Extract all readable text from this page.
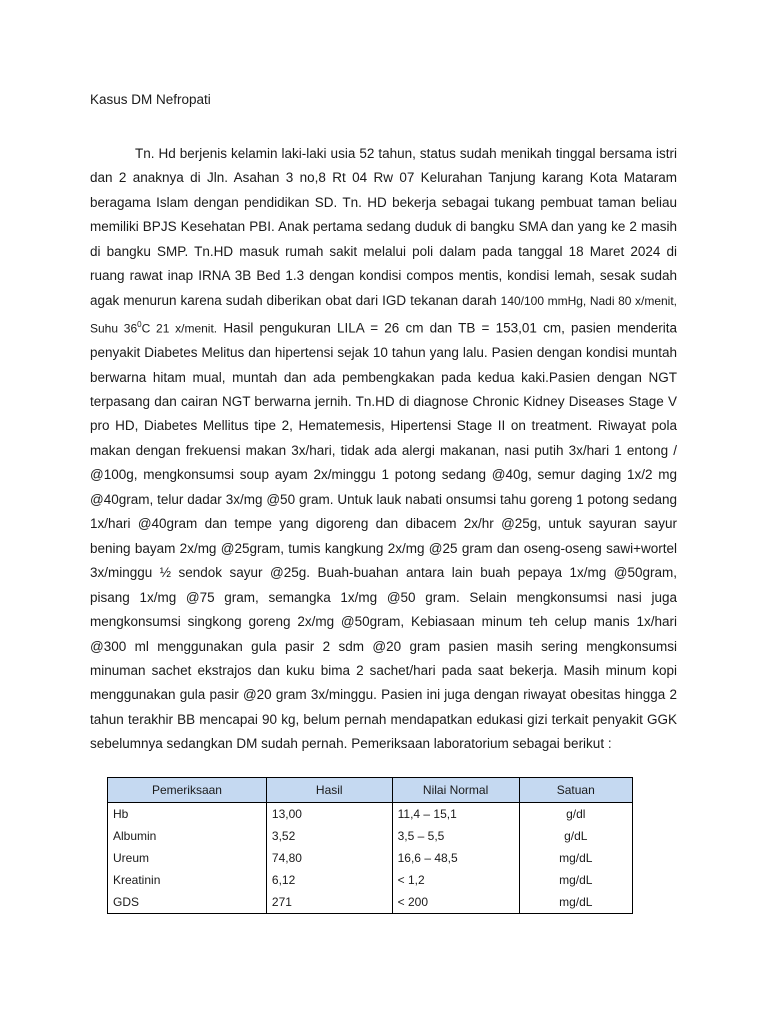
Kasus DM Nefropati

Tn. Hd berjenis kelamin laki-laki usia 52 tahun, status sudah menikah tinggal bersama istri dan 2 anaknya di Jln. Asahan 3 no,8 Rt 04 Rw 07 Kelurahan Tanjung karang Kota Mataram beragama Islam dengan pendidikan SD. Tn. HD bekerja sebagai tukang pembuat taman beliau memiliki BPJS Kesehatan PBI. Anak pertama sedang duduk di bangku SMA dan yang ke 2 masih di bangku SMP. Tn.HD masuk rumah sakit melalui poli dalam pada tanggal 18 Maret 2024 di ruang rawat inap IRNA 3B Bed 1.3 dengan kondisi compos mentis, kondisi lemah, sesak sudah agak menurun karena sudah diberikan obat dari IGD tekanan darah 140/100 mmHg, Nadi 80 x/menit, Suhu $36^0C$ 21 x/menit. Hasil pengukuran LILA = 26 cm dan TB = 153,01 cm, pasien menderita penyakit Diabetes Melitus dan hipertensi sejak 10 tahun yang lalu. Pasien dengan kondisi muntah berwarna hitam mual, muntah dan ada pembengkakan pada kedua kaki.Pasien dengan NGT terpasang dan cairan NGT berwarna jernih. Tn.HD di diagnose Chronic Kidney Diseases Stage V pro HD, Diabetes Mellitus tipe 2, Hematemesis, Hipertensi Stage II on treatment. Riwayat pola makan dengan frekuensi makan 3x/hari, tidak ada alergi makanan, nasi putih 3x/hari 1 entong / @100g, mengkonsumsi soup ayam 2x/minggu 1 potong sedang @40g, semur daging 1x/2 mg @40gram, telur dadar 3x/mg @50 gram. Untuk lauk nabati onsumsi tahu goreng 1 potong sedang 1x/hari @40gram dan tempe yang digoreng dan dibacem 2x/hr @25g, untuk sayuran sayur bening bayam 2x/mg @25gram, tumis kangkung 2x/mg @25 gram dan oseng-oseng sawi+wortel 3x/minggu ½ sendok sayur @25g. Buah-buahan antara lain buah pepaya 1x/mg @50gram, pisang 1x/mg @75 gram, semangka 1x/mg @50 gram. Selain mengkonsumsi nasi juga mengkonsumsi singkong goreng 2x/mg @50gram, Kebiasaan minum teh celup manis 1x/hari @300 ml menggunakan gula pasir 2 sdm @20 gram pasien masih sering mengkonsumsi minuman sachet ekstrajos dan kuku bima 2 sachet/hari pada saat bekerja. Masih minum kopi menggunakan gula pasir @20 gram 3x/minggu. Pasien ini juga dengan riwayat obesitas hingga 2 tahun terakhir BB mencapai 90 kg, belum pernah mendapatkan edukasi gizi terkait penyakit GGK sebelumnya sedangkan DM sudah pernah. Pemeriksaan laboratorium sebagai berikut :

Pemeriksaan	Hasil	Nilai Normal	Satuan
Hb	13,00	11,4 – 15,1	g/dl
Albumin	3,52	3,5 – 5,5	g/dL
Ureum	74,80	16,6 – 48,5	mg/dL
Kreatinin	6,12	< 1,2	mg/dL
GDS	271	< 200	mg/dL
